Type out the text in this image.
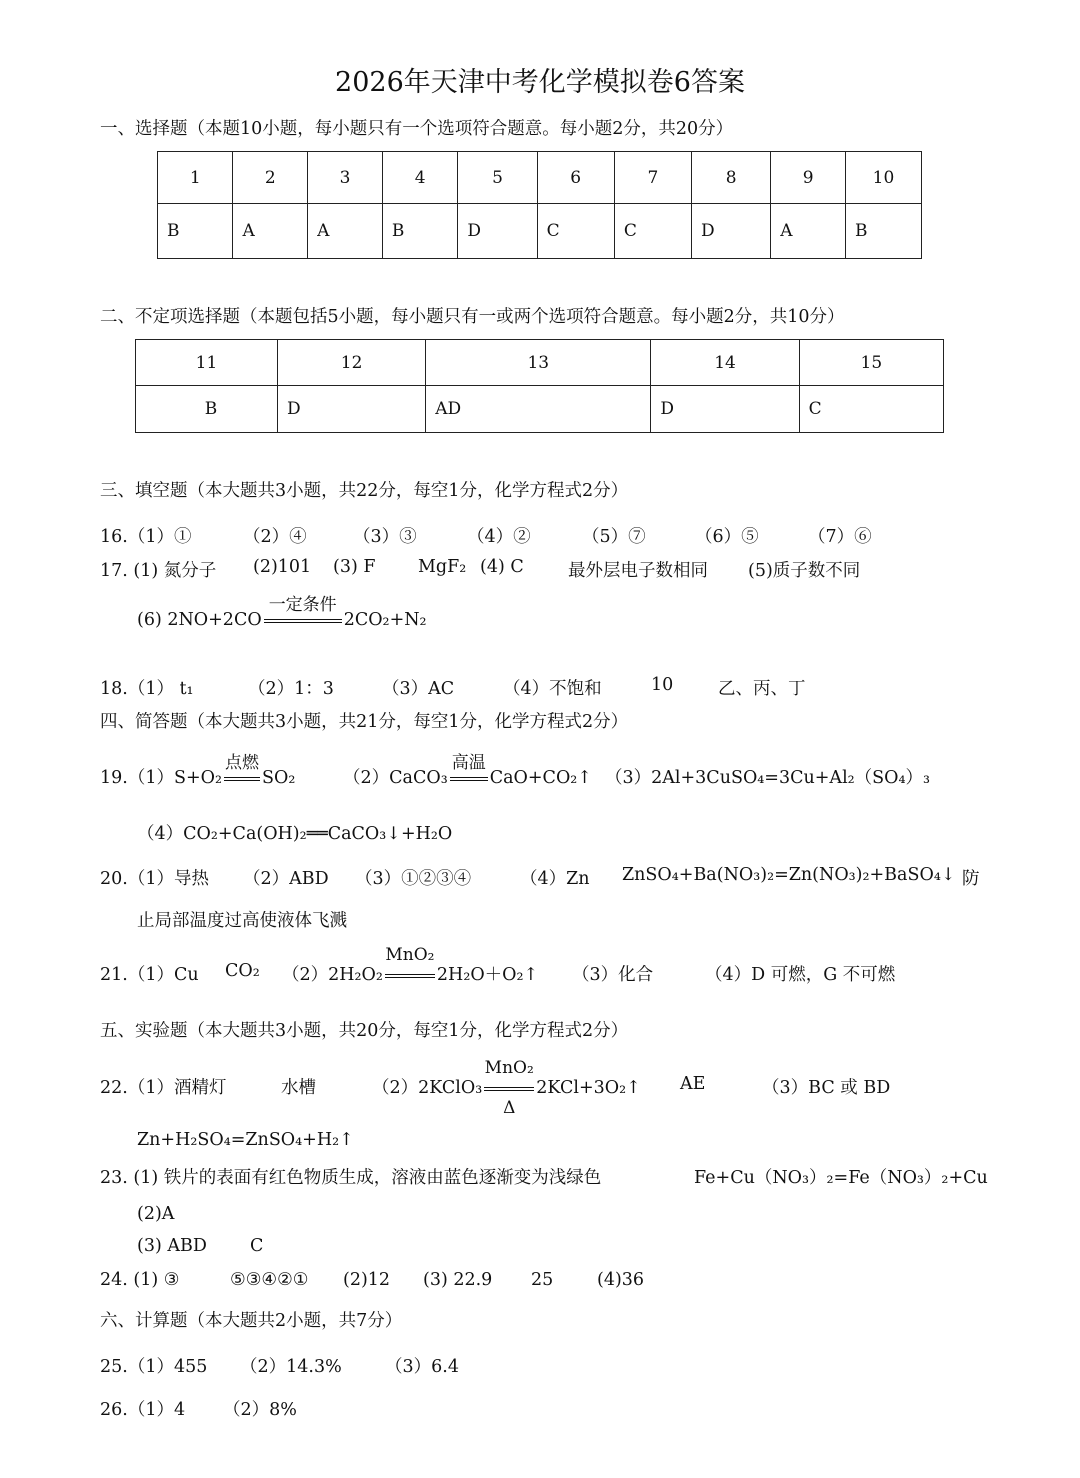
2026年天津中考化学模拟卷6答案
一、选择题（本题10小题，每小题只有一个选项符合题意。每小题2分，共20分）
1	2	3	4	5	6	7	8	9	10
B	A	A	B	D	C	C	D	A	B
二、不定项选择题（本题包括5小题，每小题只有一或两个选项符合题意。每小题2分，共10分）
11	12	13	14	15
B	D	AD	D	C
三、填空题（本大题共3小题，共22分，每空1分，化学方程式2分）
16.（1）①	（2）④	（3）③	（4）②	（5）⑦	（6）⑤	（7）⑥
17. (1) 氮分子 (2)101 (3) F MgF₂ (4) C	最外层电子数相同 (5)质子数不同
(6) 2NO+2CO
一定条件
2CO₂+N₂
18.（1） t₁	（2）1：3	（3）AC	（4）不饱和	10	乙、丙、丁
四、简答题（本大题共3小题，共21分，每空1分，化学方程式2分）
19.（1）S+O₂
点燃
SO₂	（2）CaCO₃
高温
CaO+CO₂↑ （3）2Al+3CuSO₄=3Cu+Al₂（SO₄）₃
（4）CO₂+Ca(OH)₂══CaCO₃↓+H₂O
20.（1）导热 （2）ABD （3）①②③④	（4）Zn ZnSO₄+Ba(NO₃)₂=Zn(NO₃)₂+BaSO₄↓ 防
止局部温度过高使液体飞溅
21.（1）Cu CO₂ （2）2H₂O₂
MnO₂
2H₂O＋O₂↑ （3）化合	（4）D 可燃，G 不可燃
五、实验题（本大题共3小题，共20分，每空1分，化学方程式2分）
22.（1）酒精灯	水槽	（2）2KClO₃
MnO₂
Δ
2KCl+3O₂↑ AE	（3）BC 或 BD
Zn+H₂SO₄=ZnSO₄+H₂↑
23. (1) 铁片的表面有红色物质生成，溶液由蓝色逐渐变为浅绿色	Fe+Cu（NO₃）₂=Fe（NO₃）₂+Cu
(2)A
(3) ABD C
24. (1) ③	⑤③④②① (2)12 (3) 22.9 25 (4)36
六、计算题（本大题共2小题，共7分）
25.（1）455 （2）14.3% （3）6.4
26.（1）4 （2）8%
